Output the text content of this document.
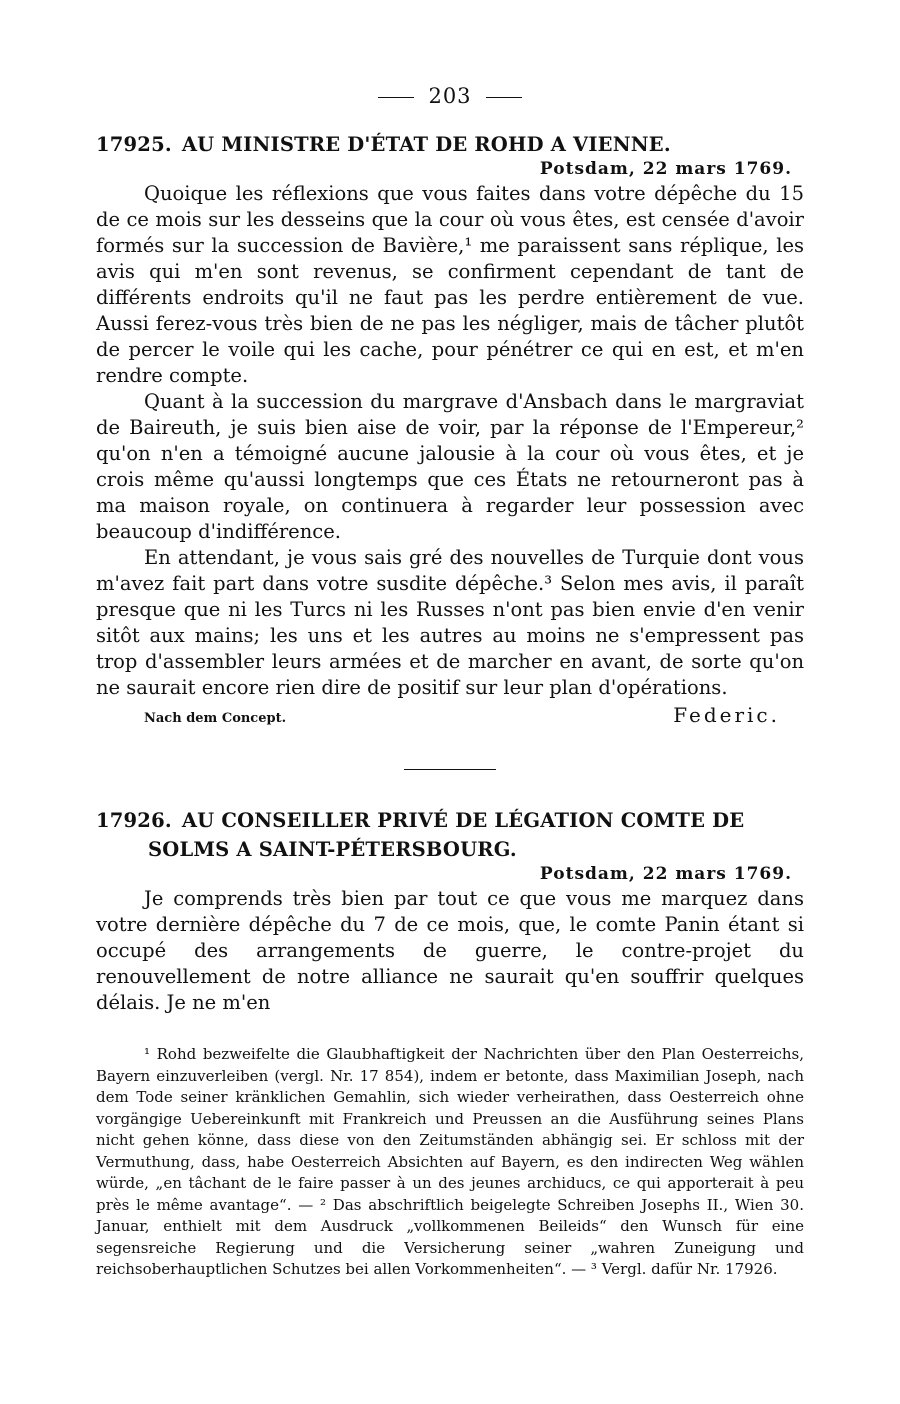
203
17925. AU MINISTRE D'ÉTAT DE ROHD A VIENNE.
Potsdam, 22 mars 1769.

Quoique les réflexions que vous faites dans votre dépêche du 15 de ce mois sur les desseins que la cour où vous êtes, est censée d'avoir formés sur la succession de Bavière,¹ me paraissent sans réplique, les avis qui m'en sont revenus, se confirment cependant de tant de différents endroits qu'il ne faut pas les perdre entièrement de vue. Aussi ferez-vous très bien de ne pas les négliger, mais de tâcher plutôt de percer le voile qui les cache, pour pénétrer ce qui en est, et m'en rendre compte.

Quant à la succession du margrave d'Ansbach dans le margraviat de Baireuth, je suis bien aise de voir, par la réponse de l'Empereur,² qu'on n'en a témoigné aucune jalousie à la cour où vous êtes, et je crois même qu'aussi longtemps que ces États ne retourneront pas à ma maison royale, on continuera à regarder leur possession avec beaucoup d'indifférence.

En attendant, je vous sais gré des nouvelles de Turquie dont vous m'avez fait part dans votre susdite dépêche.³ Selon mes avis, il paraît presque que ni les Turcs ni les Russes n'ont pas bien envie d'en venir sitôt aux mains; les uns et les autres au moins ne s'empressent pas trop d'assembler leurs armées et de marcher en avant, de sorte qu'on ne saurait encore rien dire de positif sur leur plan d'opérations.

Nach dem Concept.	Federic.
17926. AU CONSEILLER PRIVÉ DE LÉGATION COMTE DE SOLMS A SAINT-PÉTERSBOURG.
Potsdam, 22 mars 1769.

Je comprends très bien par tout ce que vous me marquez dans votre dernière dépêche du 7 de ce mois, que, le comte Panin étant si occupé des arrangements de guerre, le contre-projet du renouvellement de notre alliance ne saurait qu'en souffrir quelques délais. Je ne m'en

¹ Rohd bezweifelte die Glaubhaftigkeit der Nachrichten über den Plan Oesterreichs, Bayern einzuverleiben (vergl. Nr. 17 854), indem er betonte, dass Maximilian Joseph, nach dem Tode seiner kränklichen Gemahlin, sich wieder verheirathen, dass Oesterreich ohne vorgängige Uebereinkunft mit Frankreich und Preussen an die Ausführung seines Plans nicht gehen könne, dass diese von den Zeitumständen abhängig sei. Er schloss mit der Vermuthung, dass, habe Oesterreich Absichten auf Bayern, es den indirecten Weg wählen würde, „en tâchant de le faire passer à un des jeunes archiducs, ce qui apporterait à peu près le même avantage“. — ² Das abschriftlich beigelegte Schreiben Josephs II., Wien 30. Januar, enthielt mit dem Ausdruck „vollkommenen Beileids“ den Wunsch für eine segensreiche Regierung und die Versicherung seiner „wahren Zuneigung und reichsoberhauptlichen Schutzes bei allen Vorkommenheiten“. — ³ Vergl. dafür Nr. 17926.
